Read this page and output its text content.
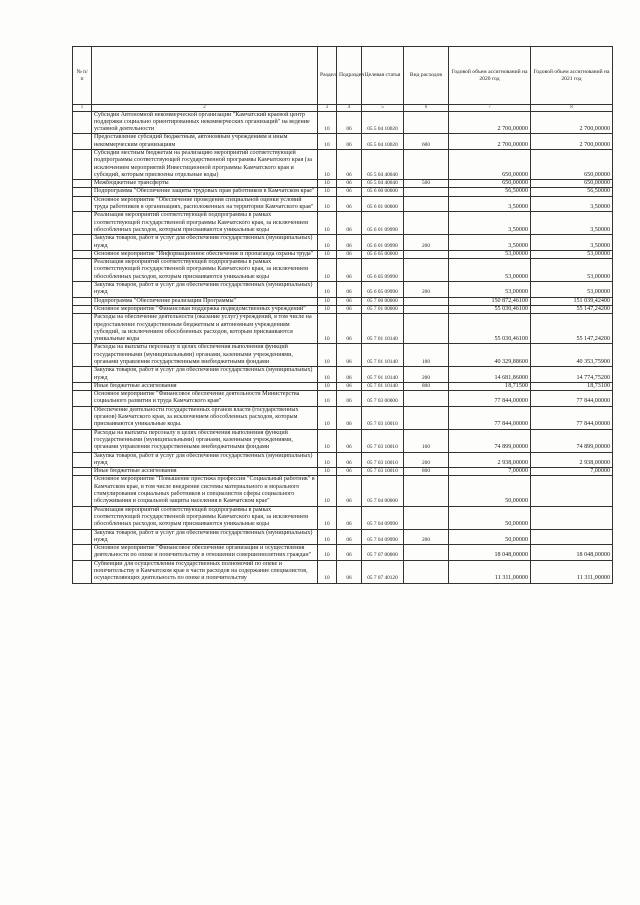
№ п/п		Раздел	Подраздел	Целевая статья	Вид расходов	Годовой объем ассигнований на 2020 год	Годовой объем ассигнований на 2021 год
1	2	3	4	5	6	7	8
	Субсидия Автономной некоммерческой организации "Камчатский краевой центр поддержки социально ориентированных некоммерческих организаций" на ведение уставной деятельности	10	06	05 5 04 10020		2 700,00000	2 700,00000
	Предоставление субсидий бюджетным, автономным учреждениям и иным некоммерческим организациям	10	06	05 5 04 10020	600	2 700,00000	2 700,00000
	Субсидии местным бюджетам на реализацию мероприятий соответствующей подпрограммы соответствующей государственной программы Камчатского края (за исключением мероприятий Инвестиционной программы Камчатского края и субсидий, которым присвоены отдельные коды)	10	06	05 5 04 40040		650,00000	650,00000
	Межбюджетные трансферты	10	06	05 5 04 40040	500	650,00000	650,00000
	Подпрограмма "Обеспечение защиты трудовых прав работников в Камчатском крае"	10	06	05 6 00 00000		56,50000	56,50000
	Основное мероприятие "Обеспечение проведения специальной оценки условий труда работников в организациях, расположенных на территории Камчатского края"	10	06	05 6 01 00000		3,50000	3,50000
	Реализация мероприятий соответствующей подпрограммы в рамках соответствующей государственной программы Камчатского края, за исключением обособленных расходов, которым присваиваются уникальные коды	10	06	05 6 01 09990		3,50000	3,50000
	Закупка товаров, работ и услуг для обеспечения государственных (муниципальных) нужд	10	06	05 6 01 09990	200	3,50000	3,50000
	Основное мероприятие "Информационное обеспечение и пропаганда охраны труда"	10	06	05 6 05 00000		53,00000	53,00000
	Реализация мероприятий соответствующей подпрограммы в рамках соответствующей государственной программы Камчатского края, за исключением обособленных расходов, которым присваиваются уникальные коды	10	06	05 6 05 09990		53,00000	53,00000
	Закупка товаров, работ и услуг для обеспечения государственных (муниципальных) нужд	10	06	05 6 05 09990	200	53,00000	53,00000
	Подпрограмма "Обеспечение реализации Программы"	10	06	05 7 00 00000		150 872,46100	151 039,42400
	Основное мероприятие "Финансовая поддержка подведомственных учреждений"	10	06	05 7 01 00000		55 030,46100	55 147,24200
	Расходы на обеспечение деятельности (оказание услуг) учреждений, в том числе на предоставление государственным бюджетным и автономным учреждениям субсидий, за исключением обособленных расходов, которым присваиваются уникальные коды	10	06	05 7 01 10140		55 030,46100	55 147,24200
	Расходы на выплаты персоналу в целях обеспечения выполнения функций государственными (муниципальными) органами, казенными учреждениями, органами управления государственными внебюджетными фондами	10	06	05 7 01 10140	100	40 329,88600	40 353,75900
	Закупка товаров, работ и услуг для обеспечения государственных (муниципальных) нужд	10	06	05 7 01 10140	200	14 681,86000	14 774,75200
	Иные бюджетные ассигнования	10	06	05 7 01 10140	800	18,71500	18,73100
	Основное мероприятие "Финансовое обеспечение деятельности Министерства социального развития и труда Камчатского края"	10	06	05 7 03 00000		77 844,00000	77 844,00000
	Обеспечение деятельности государственных органов власти (государственных органов) Камчатского края, за исключением обособленных расходов, которым присваиваются уникальные коды.	10	06	05 7 03 10010		77 844,00000	77 844,00000
	Расходы на выплаты персоналу в целях обеспечения выполнения функций государственными (муниципальными) органами, казенными учреждениями, органами управления государственными внебюджетными фондами	10	06	05 7 03 10010	100	74 899,00000	74 899,00000
	Закупка товаров, работ и услуг для обеспечения государственных (муниципальных) нужд	10	06	05 7 03 10010	200	2 938,00000	2 938,00000
	Иные бюджетные ассигнования	10	06	05 7 03 10010	800	7,00000	7,00000
	Основное мероприятие "Повышение престижа профессии "Социальный работник" в Камчатском крае, в том числе внедрение системы материального и морального стимулирования социальных работников и специалистов сферы социального обслуживания и социальной защиты населения в Камчатском крае"	10	06	05 7 04 00000		50,00000	
	Реализация мероприятий соответствующей подпрограммы в рамках соответствующей государственной программы Камчатского края, за исключением обособленных расходов, которым присваиваются уникальные коды	10	06	05 7 04 09990		50,00000	
	Закупка товаров, работ и услуг для обеспечения государственных (муниципальных) нужд	10	06	05 7 04 09990	200	50,00000	
	Основное мероприятие "Финансовое обеспечение организации и осуществления деятельности по опеке и попечительству в отношении совершеннолетних граждан"	10	06	05 7 07 00000		18 048,00000	18 048,00000
	Субвенции для осуществления государственных полномочий по опеке и попечительству в Камчатском крае в части расходов на содержание специалистов, осуществляющих деятельность по опеке и попечительству	10	06	05 7 07 40120		11 311,00000	11 311,00000
